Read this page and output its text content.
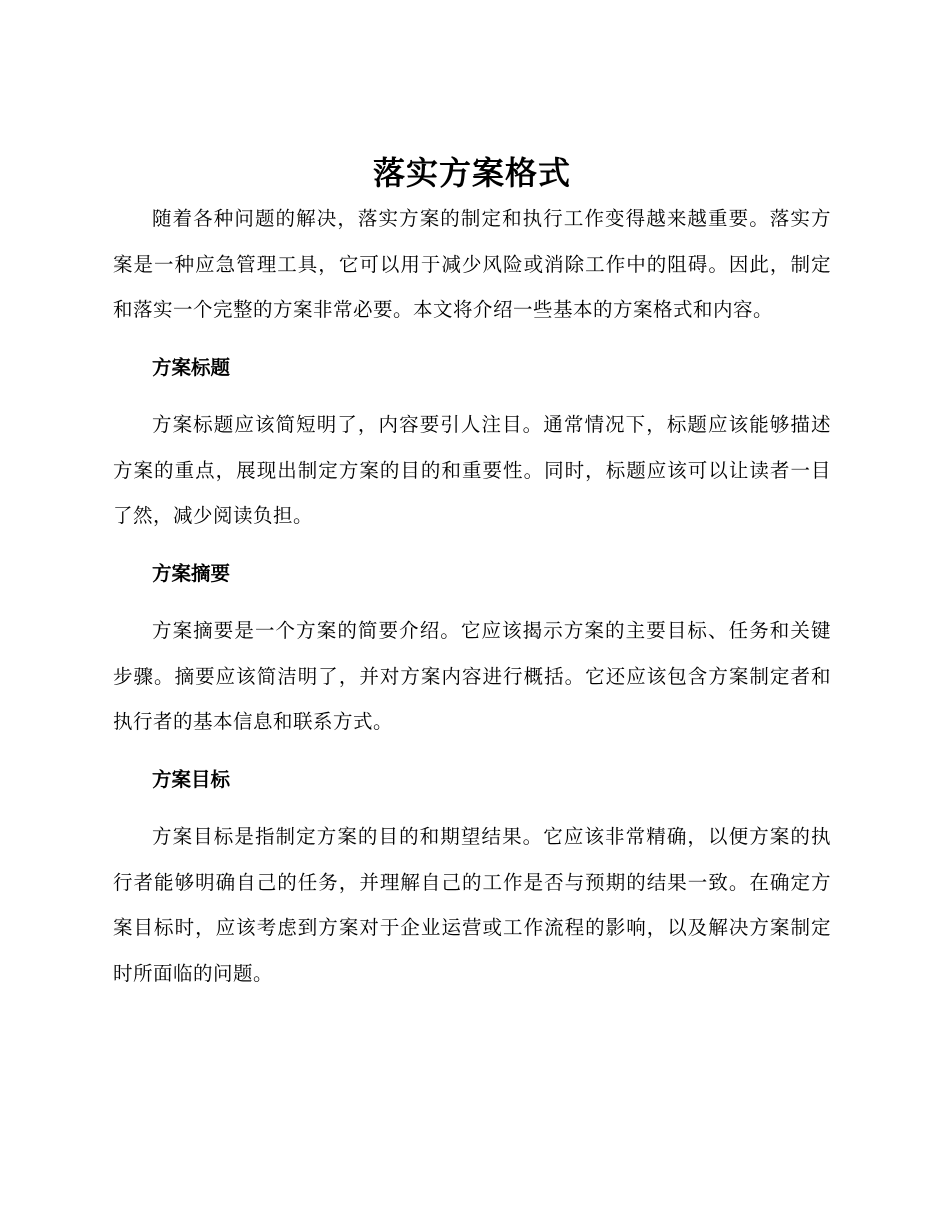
落实方案格式

随着各种问题的解决，落实方案的制定和执行工作变得越来越重要。落实方案是一种应急管理工具，它可以用于减少风险或消除工作中的阻碍。因此，制定和落实一个完整的方案非常必要。本文将介绍一些基本的方案格式和内容。

方案标题

方案标题应该简短明了，内容要引人注目。通常情况下，标题应该能够描述方案的重点，展现出制定方案的目的和重要性。同时，标题应该可以让读者一目了然，减少阅读负担。

方案摘要

方案摘要是一个方案的简要介绍。它应该揭示方案的主要目标、任务和关键步骤。摘要应该简洁明了，并对方案内容进行概括。它还应该包含方案制定者和执行者的基本信息和联系方式。

方案目标

方案目标是指制定方案的目的和期望结果。它应该非常精确，以便方案的执行者能够明确自己的任务，并理解自己的工作是否与预期的结果一致。在确定方案目标时，应该考虑到方案对于企业运营或工作流程的影响，以及解决方案制定时所面临的问题。
